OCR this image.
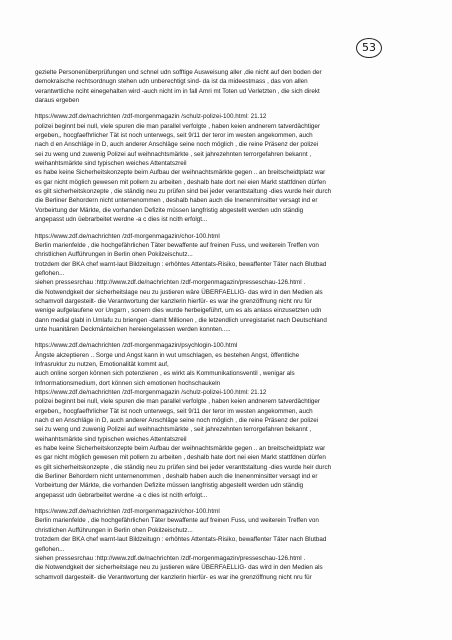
53
gezielte Personenüberprüfungen und schnel udn sofftige Ausweisung aller ,die nicht auf den boden der
demokraische rechtsordnugn stehen udn unberechtigt sind- da ist da mideestmass , das von allen
verantwrtliche nciht einegehalten wird -auch nicht im in fall Amri mt Toten ud Verletzten , die sich direkt
daraus ergeben
https://www.zdf.de/nachrichten /zdf-morgenmagazin /schulz-polizei-100.html: 21.12
polizei beginnt bei null, viele spuren die man parallel verfolgte , haben keien andnerern tatverdächtiger
ergeben,, hocgfaefhrlicher Tät ist noch unterwegs, seit 9/11 der teror im westen angekommen, auch
nach d en Anschläge in D, auch anderer Anschläge seine noch möglich , die reine Präsenz der polizei
sei zu weng und zuwenig Polizei auf weihnachtsmärkte , seit jahrezehnten terrorgefahren bekannt ,
weihanhtsmärkte sind typischen weiches Attentatszreil
es habe keine Sicherheitskonzepte beim Aufbau der weihnachtsmärkte gegen .. an breitscheidtplatz war
es gar nicht möglich gewesen mit pollern zu arbeiten , deshalb hate dort nei eien Markt stattfdnen dürfen
es gilt sicherheitskonzepte , die ständig neu zu prüfen sind bei jeder veranttstaltung -dies wurde heir durch
die Berliner Behordern nicht unternenommen , deshalb haben auch die Inenenminsitter versagt ind er
Vorbeirtung der Märkte, die vorhanden Defizite müssen langfristig abgestellt werden udn ständig
angepasst udn üebrarbeitet werdne -a c dies ist ncith erfolgt...
https://www.zdf.de/nachrichten /zdf-morgenmagazin/chor-100.html
Berlin marienfelde , die hochgefährlichen Täter bewaffente auf freinen Fuss, und weiterein Treffen von
christlichen Aufführungen in Berlin ohen Pokilzeischutz...
trotzdem der BKA chef warnt-laut Bildzeitugn : erhöhtes Attentats-Risiko, bewaffenter Täter nach Blutbad
geflohen...
siehen pressesrchau :http://www.zdf.de/nachrichten /zdf-morgenmagazin/presseschau-126.html .
die Notwendgkeit der sicherheitslage neu zu justieren wäre ÜBERFAELLIG- das wird in den Medien als
schamvoll dargesteilt- die Verantwortung der kanzlerin hierfür- es war ihe grenzöffnung nicht nru für
wenige aufgelaufene vor Ungarn , sonern dies wurde herbeigeführt, um es als anlass einzusetzten udn
dann medial glabl in Umlafu zu briengen -damit Millionen , die letzendlich unregistariet nach Deutschland
unte huanitären Deckmänteichen hereiengelassen werden konnten.....
https://www.zdf.de/nachrichten /zdf-morgenmagazin/psychlogin-100.html
Ängste akzeptieren .. Sorge und Angst kann in wut umschlagen, es bestehen Angst, öffentliche
Infrasruktur zu nutzen, Emotionalität kommt auf,
auch online sorgen können sich potenzieren , es wirkt als Kommunikationsventil , wenigar als
Infnormationsmedium, dort können sich emotionen hochschaukeln
https://www.zdf.de/nachrichten /zdf-morgenmagazin /schulz-polizei-100.html: 21.12
polizei beginnt bei null, viele spuren die man parallel verfolgte , haben keien andnerern tatverdächtiger
ergeben,, hocgfaefhrlicher Tät ist noch unterwegs, seit 9/11 der teror im westen angekommen, auch
nach d en Anschläge in D, auch anderer Anschläge seine noch möglich , die reine Präsenz der polizei
sei zu weng und zuwenig Polizei auf weihnachtsmärkte , seit jahrezehnten terrorgefahren bekannt ,
weihanhtsmärkte sind typischen weiches Attentatszreil
es habe keine Sicherheitskonzepte beim Aufbau der weihnachtsmärkte gegen .. an breitscheidtplatz war
es gar nicht möglich gewesen mit pollern zu arbeiten , deshalb hate dort nei eien Markt stattfdnen dürfen
es gilt sicherheitskonzepte , die ständig neu zu prüfen sind bei jeder veranttstaltung -dies wurde heir durch
die Berliner Behordern nicht unternenommen , deshalb haben auch die Inenenminsitter versagt ind er
Vorbeirtung der Märkte, die vorhanden Defizite müssen langfristig abgestellt werden udn ständig
angepasst udn üebrarbeitet werdne -a c dies ist ncith erfolgt...
https://www.zdf.de/nachrichten /zdf-morgenmagazin/chor-100.html
Berlin marienfelde , die hochgefährlichen Täter bewaffente auf freinen Fuss, und weiterein Treffen von
christlichen Aufführungen in Berlin ohen Pokilzeischutz...
trotzdem der BKA chef warnt-laut Bildzeitugn : erhöhtes Attentats-Risiko, bewaffenter Täter nach Blutbad
geflohen...
siehen pressesrchau :http://www.zdf.de/nachrichten /zdf-morgenmagazin/presseschau-126.html .
die Notwendgkeit der sicherheitslage neu zu justieren wäre ÜBERFAELLIG- das wird in den Medien als
schamvoll dargesteilt- die Verantwortung der kanzlerin hierfür- es war ihe grenzöffnung nicht nru für
